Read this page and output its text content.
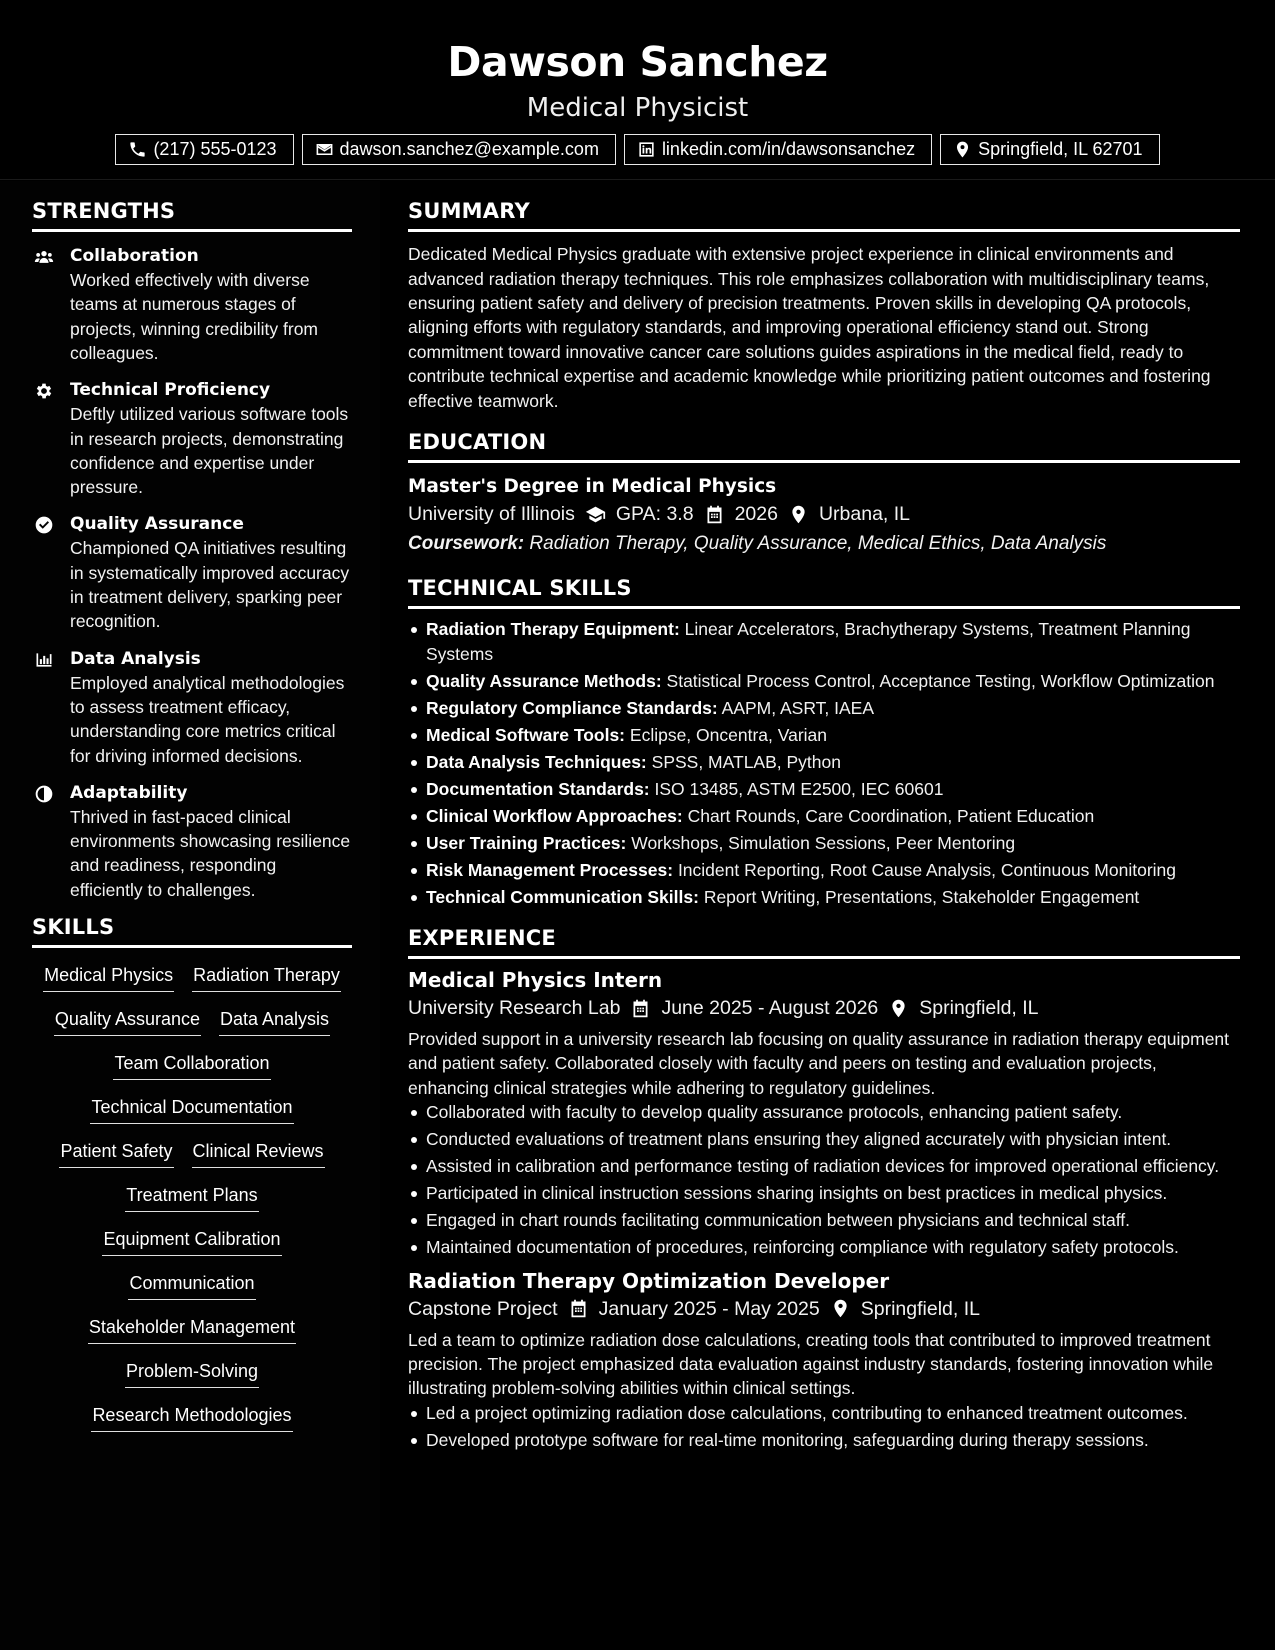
Dawson Sanchez
Medical Physicist
(217) 555-0123	dawson.sanchez@example.com	linkedin.com/in/dawsonsanchez	Springfield, IL 62701
STRENGTHS
Collaboration
Worked effectively with diverse teams at numerous stages of projects, winning credibility from colleagues.
Technical Proficiency
Deftly utilized various software tools in research projects, demonstrating confidence and expertise under pressure.
Quality Assurance
Championed QA initiatives resulting in systematically improved accuracy in treatment delivery, sparking peer recognition.
Data Analysis
Employed analytical methodologies to assess treatment efficacy, understanding core metrics critical for driving informed decisions.
Adaptability
Thrived in fast-paced clinical environments showcasing resilience and readiness, responding efficiently to challenges.
SKILLS
Medical Physics Radiation Therapy
Quality Assurance Data Analysis
Team Collaboration
Technical Documentation
Patient Safety Clinical Reviews
Treatment Plans
Equipment Calibration
Communication
Stakeholder Management
Problem-Solving
Research Methodologies
SUMMARY
Dedicated Medical Physics graduate with extensive project experience in clinical environments and advanced radiation therapy techniques. This role emphasizes collaboration with multidisciplinary teams, ensuring patient safety and delivery of precision treatments. Proven skills in developing QA protocols, aligning efforts with regulatory standards, and improving operational efficiency stand out. Strong commitment toward innovative cancer care solutions guides aspirations in the medical field, ready to contribute technical expertise and academic knowledge while prioritizing patient outcomes and fostering effective teamwork.
EDUCATION
Master's Degree in Medical Physics
University of Illinois GPA: 3.8 2026 Urbana, IL
Coursework: Radiation Therapy, Quality Assurance, Medical Ethics, Data Analysis
TECHNICAL SKILLS
Radiation Therapy Equipment: Linear Accelerators, Brachytherapy Systems, Treatment Planning Systems
Quality Assurance Methods: Statistical Process Control, Acceptance Testing, Workflow Optimization
Regulatory Compliance Standards: AAPM, ASRT, IAEA
Medical Software Tools: Eclipse, Oncentra, Varian
Data Analysis Techniques: SPSS, MATLAB, Python
Documentation Standards: ISO 13485, ASTM E2500, IEC 60601
Clinical Workflow Approaches: Chart Rounds, Care Coordination, Patient Education
User Training Practices: Workshops, Simulation Sessions, Peer Mentoring
Risk Management Processes: Incident Reporting, Root Cause Analysis, Continuous Monitoring
Technical Communication Skills: Report Writing, Presentations, Stakeholder Engagement
EXPERIENCE
Medical Physics Intern
University Research Lab June 2025 - August 2026 Springfield, IL
Provided support in a university research lab focusing on quality assurance in radiation therapy equipment and patient safety. Collaborated closely with faculty and peers on testing and evaluation projects, enhancing clinical strategies while adhering to regulatory guidelines.
Collaborated with faculty to develop quality assurance protocols, enhancing patient safety.
Conducted evaluations of treatment plans ensuring they aligned accurately with physician intent.
Assisted in calibration and performance testing of radiation devices for improved operational efficiency.
Participated in clinical instruction sessions sharing insights on best practices in medical physics.
Engaged in chart rounds facilitating communication between physicians and technical staff.
Maintained documentation of procedures, reinforcing compliance with regulatory safety protocols.
Radiation Therapy Optimization Developer
Capstone Project January 2025 - May 2025 Springfield, IL
Led a team to optimize radiation dose calculations, creating tools that contributed to improved treatment precision. The project emphasized data evaluation against industry standards, fostering innovation while illustrating problem-solving abilities within clinical settings.
Led a project optimizing radiation dose calculations, contributing to enhanced treatment outcomes.
Developed prototype software for real-time monitoring, safeguarding during therapy sessions.
